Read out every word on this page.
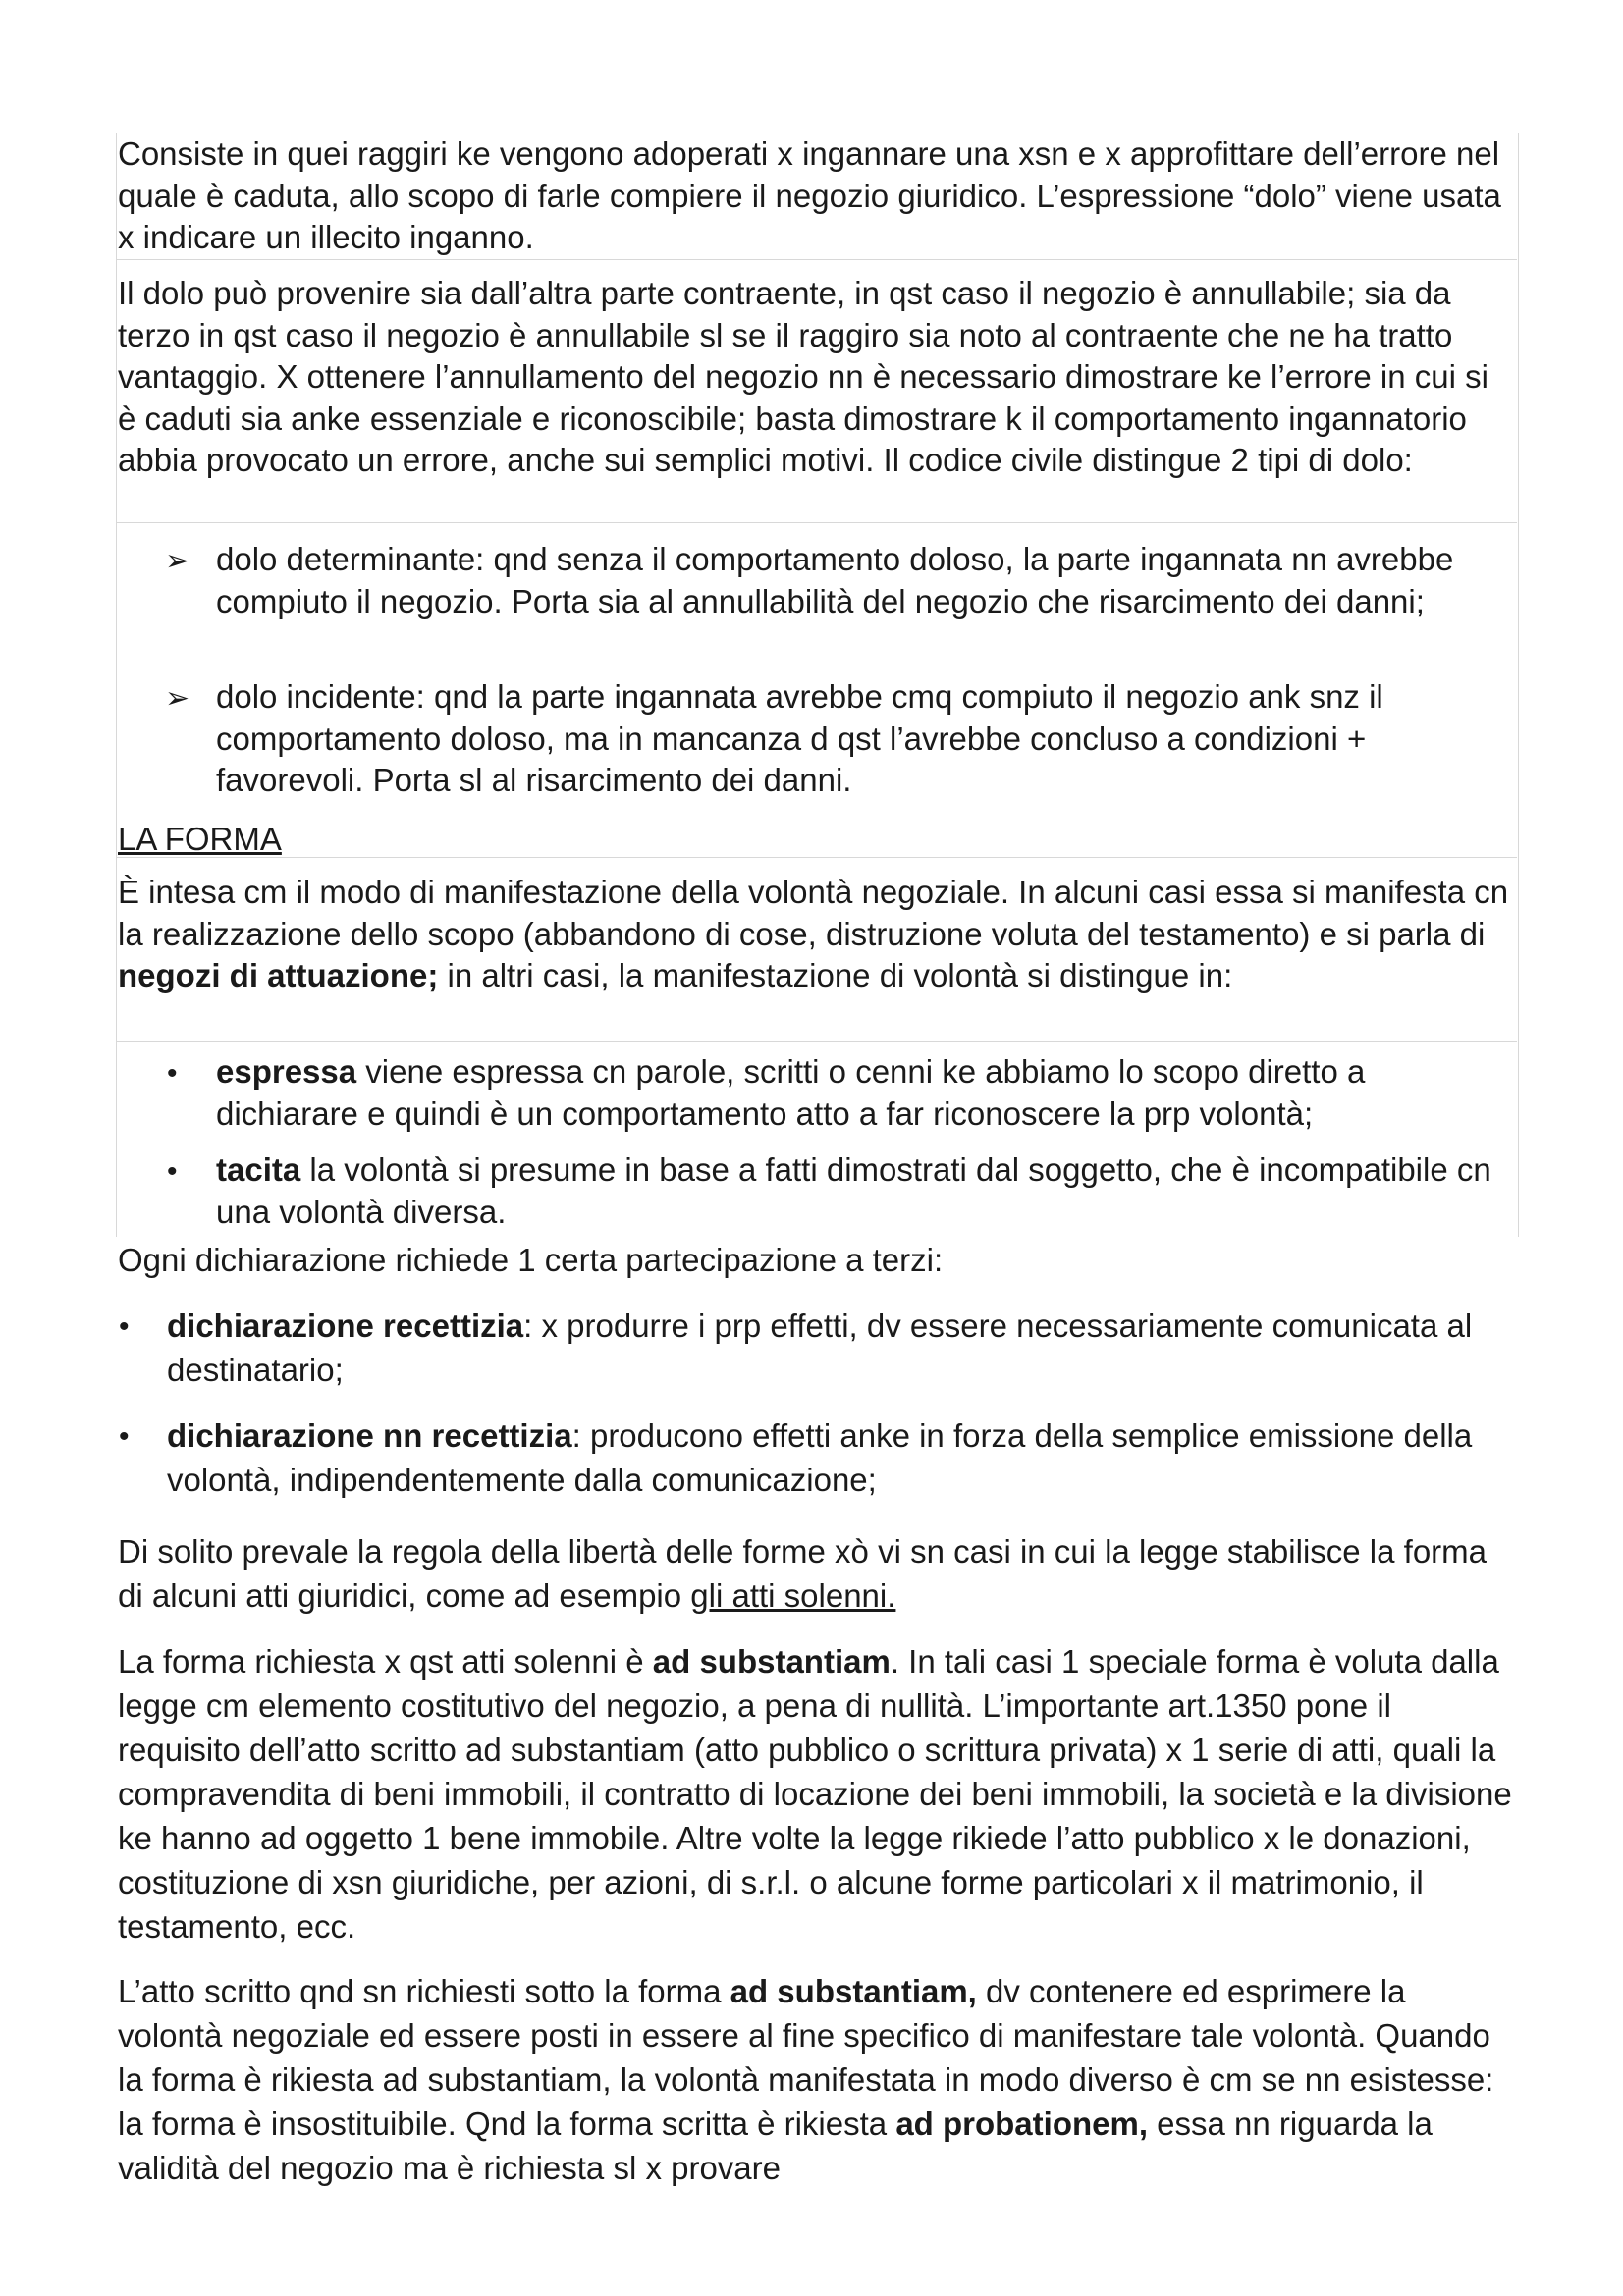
Consiste in quei raggiri ke vengono adoperati x ingannare una xsn e x approfittare dell’errore nel quale è caduta, allo scopo di farle compiere il negozio giuridico. L’espressione “dolo” viene usata x indicare un illecito inganno.

Il dolo può provenire sia dall’altra parte contraente, in qst caso il negozio è annullabile; sia da terzo in qst caso il negozio è annullabile sl se il raggiro sia noto al contraente che ne ha tratto vantaggio. X ottenere l’annullamento del negozio nn è necessario dimostrare ke l’errore in cui si è caduti sia anke essenziale e riconoscibile; basta dimostrare k il comportamento ingannatorio abbia provocato un errore, anche sui semplici motivi. Il codice civile distingue 2 tipi di dolo:

➢ dolo determinante: qnd senza il comportamento doloso, la parte ingannata nn avrebbe compiuto il negozio. Porta sia al annullabilità del negozio che risarcimento dei danni;

➢ dolo incidente: qnd la parte ingannata avrebbe cmq compiuto il negozio ank snz il comportamento doloso, ma in mancanza d qst l’avrebbe concluso a condizioni + favorevoli. Porta sl al risarcimento dei danni.

LA FORMA

È intesa cm il modo di manifestazione della volontà negoziale. In alcuni casi essa si manifesta cn la realizzazione dello scopo (abbandono di cose, distruzione voluta del testamento) e si parla di negozi di attuazione; in altri casi, la manifestazione di volontà si distingue in:

• espressa viene espressa cn parole, scritti o cenni ke abbiamo lo scopo diretto a dichiarare e quindi è un comportamento atto a far riconoscere la prp volontà;

• tacita la volontà si presume in base a fatti dimostrati dal soggetto, che è incompatibile cn una volontà diversa.

Ogni dichiarazione richiede 1 certa partecipazione a terzi:

• dichiarazione recettizia: x produrre i prp effetti, dv essere necessariamente comunicata al destinatario;

• dichiarazione nn recettizia: producono effetti anke in forza della semplice emissione della volontà, indipendentemente dalla comunicazione;

Di solito prevale la regola della libertà delle forme xò vi sn casi in cui la legge stabilisce la forma di alcuni atti giuridici, come ad esempio gli atti solenni.

La forma richiesta x qst atti solenni è ad substantiam. In tali casi 1 speciale forma è voluta dalla legge cm elemento costitutivo del negozio, a pena di nullità. L’importante art.1350 pone il requisito dell’atto scritto ad substantiam (atto pubblico o scrittura privata) x 1 serie di atti, quali la compravendita di beni immobili, il contratto di locazione dei beni immobili, la società e la divisione ke hanno ad oggetto 1 bene immobile. Altre volte la legge rikiede l’atto pubblico x le donazioni, costituzione di xsn giuridiche, per azioni, di s.r.l. o alcune forme particolari x il matrimonio, il testamento, ecc.

L’atto scritto qnd sn richiesti sotto la forma ad substantiam, dv contenere ed esprimere la volontà negoziale ed essere posti in essere al fine specifico di manifestare tale volontà. Quando la forma è rikiesta ad substantiam, la volontà manifestata in modo diverso è cm se nn esistesse: la forma è insostituibile. Qnd la forma scritta è rikiesta ad probationem, essa nn riguarda la validità del negozio ma è richiesta sl x provare
